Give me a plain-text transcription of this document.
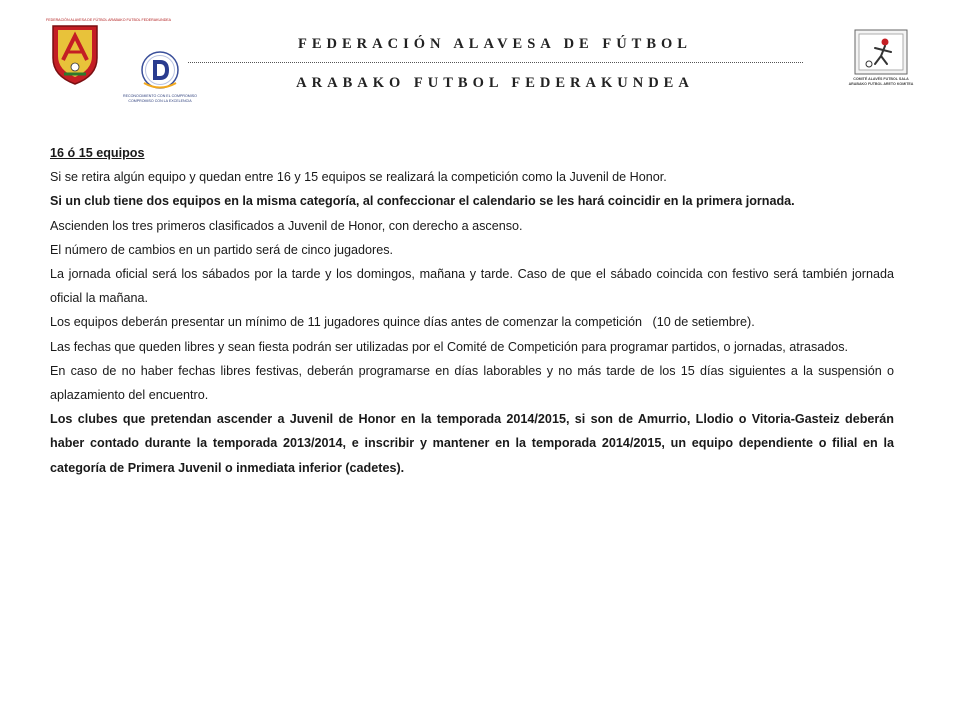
FEDERACIÓN ALAVESA DE FÚTBOL ARABAKO FUTBOL FEDERAKUNDEA
RECONOCIMIENTO CON EL COMPROMISO
COMPROMISO CON LA EXCELENCIA
FEDERACIÓN ALAVESA DE FÚTBOL
ARABAKO FUTBOL FEDERAKUNDEA	COMITÉ ALAVÉS FUTBOL SALA
ARABAKO FUTBOL ARETO KOMITEA

16 ó 15 equipos

Si se retira algún equipo y quedan entre 16 y 15 equipos se realizará la competición como la Juvenil de Honor.

Si un club tiene dos equipos en la misma categoría, al confeccionar el calendario se les hará coincidir en la primera jornada.

Ascienden los tres primeros clasificados a Juvenil de Honor, con derecho a ascenso.

El número de cambios en un partido será de cinco jugadores.

La jornada oficial será los sábados por la tarde y los domingos, mañana y tarde. Caso de que el sábado coincida con festivo será también jornada oficial la mañana.

Los equipos deberán presentar un mínimo de 11 jugadores quince días antes de comenzar la competición   (10 de setiembre).

Las fechas que queden libres y sean fiesta podrán ser utilizadas por el Comité de Competición para programar partidos, o jornadas, atrasados.

En caso de no haber fechas libres festivas, deberán programarse en días laborables y no más tarde de los 15 días siguientes a la suspensión o aplazamiento del encuentro.

Los clubes que pretendan ascender a Juvenil de Honor en la temporada 2014/2015, si son de Amurrio, Llodio o Vitoria-Gasteiz deberán haber contado durante la temporada 2013/2014, e inscribir y mantener en la temporada 2014/2015, un equipo dependiente o filial en la categoría de Primera Juvenil o inmediata inferior (cadetes).
